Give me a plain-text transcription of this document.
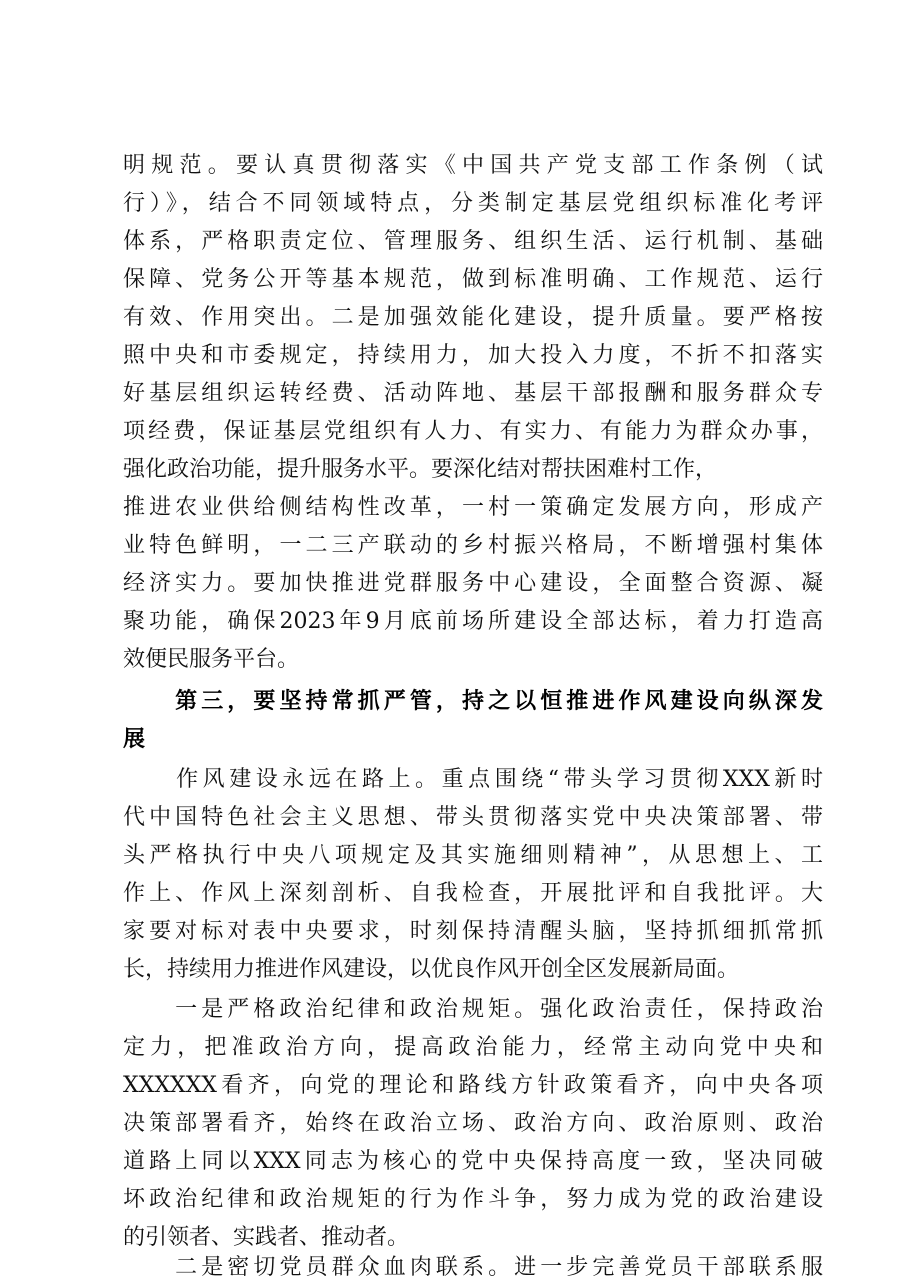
明规范。要认真贯彻落实《中国共产党支部工作条例（试
行）》，结合不同领域特点，分类制定基层党组织标准化考评
体系，严格职责定位、管理服务、组织生活、运行机制、基础
保障、党务公开等基本规范，做到标准明确、工作规范、运行
有效、作用突出。二是加强效能化建设，提升质量。要严格按
照中央和市委规定，持续用力，加大投入力度，不折不扣落实
好基层组织运转经费、活动阵地、基层干部报酬和服务群众专
项经费，保证基层党组织有人力、有实力、有能力为群众办事，
强化政治功能，提升服务水平。要深化结对帮扶困难村工作，
推进农业供给侧结构性改革，一村一策确定发展方向，形成产
业特色鲜明，一二三产联动的乡村振兴格局，不断增强村集体
经济实力。要加快推进党群服务中心建设，全面整合资源、凝
聚功能，确保2023年9月底前场所建设全部达标，着力打造高
效便民服务平台。
　　第三，要坚持常抓严管，持之以恒推进作风建设向纵深发
展
　　作风建设永远在路上。重点围绕“带头学习贯彻XXX新时
代中国特色社会主义思想、带头贯彻落实党中央决策部署、带
头严格执行中央八项规定及其实施细则精神”，从思想上、工
作上、作风上深刻剖析、自我检查，开展批评和自我批评。大
家要对标对表中央要求，时刻保持清醒头脑，坚持抓细抓常抓
长，持续用力推进作风建设，以优良作风开创全区发展新局面。
　　一是严格政治纪律和政治规矩。强化政治责任，保持政治
定力，把准政治方向，提高政治能力，经常主动向党中央和
XXXXXX看齐，向党的理论和路线方针政策看齐，向中央各项
决策部署看齐，始终在政治立场、政治方向、政治原则、政治
道路上同以XXX同志为核心的党中央保持高度一致，坚决同破
坏政治纪律和政治规矩的行为作斗争，努力成为党的政治建设
的引领者、实践者、推动者。
　　二是密切党员群众血肉联系。进一步完善党员干部联系服
